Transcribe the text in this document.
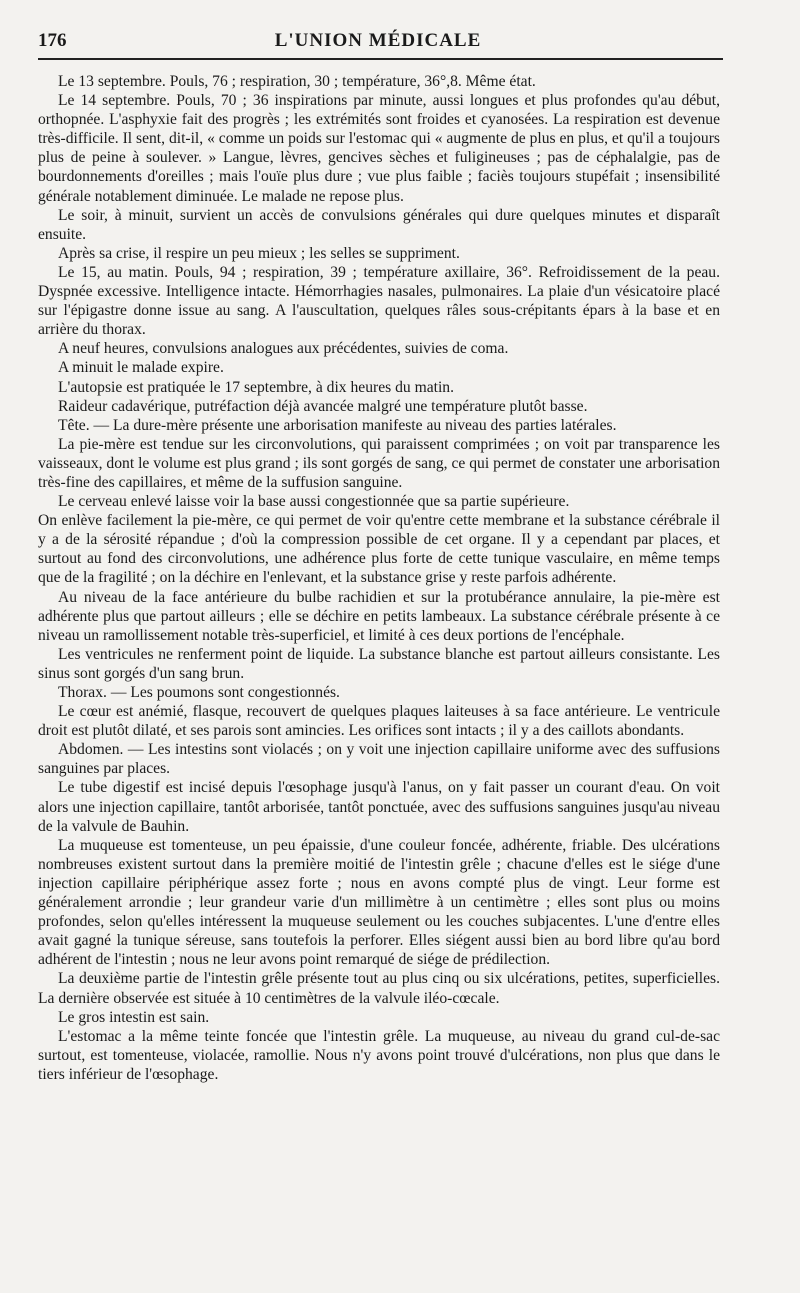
176	L'UNION MÉDICALE

Le 13 septembre. Pouls, 76 ; respiration, 30 ; température, 36°,8. Même état.

Le 14 septembre. Pouls, 70 ; 36 inspirations par minute, aussi longues et plus profondes qu'au début, orthopnée. L'asphyxie fait des progrès ; les extrémités sont froides et cyanosées. La respiration est devenue très-difficile. Il sent, dit-il, « comme un poids sur l'estomac qui « augmente de plus en plus, et qu'il a toujours plus de peine à soulever. » Langue, lèvres, gencives sèches et fuligineuses ; pas de céphalalgie, pas de bourdonnements d'oreilles ; mais l'ouïe plus dure ; vue plus faible ; faciès toujours stupéfait ; insensibilité générale notablement diminuée. Le malade ne repose plus.

Le soir, à minuit, survient un accès de convulsions générales qui dure quelques minutes et disparaît ensuite.

Après sa crise, il respire un peu mieux ; les selles se suppriment.

Le 15, au matin. Pouls, 94 ; respiration, 39 ; température axillaire, 36°. Refroidissement de la peau. Dyspnée excessive. Intelligence intacte. Hémorrhagies nasales, pulmonaires. La plaie d'un vésicatoire placé sur l'épigastre donne issue au sang. A l'auscultation, quelques râles sous-crépitants épars à la base et en arrière du thorax.

A neuf heures, convulsions analogues aux précédentes, suivies de coma.

A minuit le malade expire.

L'autopsie est pratiquée le 17 septembre, à dix heures du matin.

Raideur cadavérique, putréfaction déjà avancée malgré une température plutôt basse.

Tête. — La dure-mère présente une arborisation manifeste au niveau des parties latérales.

La pie-mère est tendue sur les circonvolutions, qui paraissent comprimées ; on voit par transparence les vaisseaux, dont le volume est plus grand ; ils sont gorgés de sang, ce qui permet de constater une arborisation très-fine des capillaires, et même de la suffusion sanguine.

Le cerveau enlevé laisse voir la base aussi congestionnée que sa partie supérieure.

On enlève facilement la pie-mère, ce qui permet de voir qu'entre cette membrane et la substance cérébrale il y a de la sérosité répandue ; d'où la compression possible de cet organe. Il y a cependant par places, et surtout au fond des circonvolutions, une adhérence plus forte de cette tunique vasculaire, en même temps que de la fragilité ; on la déchire en l'enlevant, et la substance grise y reste parfois adhérente.

Au niveau de la face antérieure du bulbe rachidien et sur la protubérance annulaire, la pie-mère est adhérente plus que partout ailleurs ; elle se déchire en petits lambeaux. La substance cérébrale présente à ce niveau un ramollissement notable très-superficiel, et limité à ces deux portions de l'encéphale.

Les ventricules ne renferment point de liquide. La substance blanche est partout ailleurs consistante. Les sinus sont gorgés d'un sang brun.

Thorax. — Les poumons sont congestionnés.

Le cœur est anémié, flasque, recouvert de quelques plaques laiteuses à sa face antérieure. Le ventricule droit est plutôt dilaté, et ses parois sont amincies. Les orifices sont intacts ; il y a des caillots abondants.

Abdomen. — Les intestins sont violacés ; on y voit une injection capillaire uniforme avec des suffusions sanguines par places.

Le tube digestif est incisé depuis l'œsophage jusqu'à l'anus, on y fait passer un courant d'eau. On voit alors une injection capillaire, tantôt arborisée, tantôt ponctuée, avec des suffusions sanguines jusqu'au niveau de la valvule de Bauhin.

La muqueuse est tomenteuse, un peu épaissie, d'une couleur foncée, adhérente, friable. Des ulcérations nombreuses existent surtout dans la première moitié de l'intestin grêle ; chacune d'elles est le siége d'une injection capillaire périphérique assez forte ; nous en avons compté plus de vingt. Leur forme est généralement arrondie ; leur grandeur varie d'un millimètre à un centimètre ; elles sont plus ou moins profondes, selon qu'elles intéressent la muqueuse seulement ou les couches subjacentes. L'une d'entre elles avait gagné la tunique séreuse, sans toutefois la perforer. Elles siégent aussi bien au bord libre qu'au bord adhérent de l'intestin ; nous ne leur avons point remarqué de siége de prédilection.

La deuxième partie de l'intestin grêle présente tout au plus cinq ou six ulcérations, petites, superficielles. La dernière observée est située à 10 centimètres de la valvule iléo-cœcale.

Le gros intestin est sain.

L'estomac a la même teinte foncée que l'intestin grêle. La muqueuse, au niveau du grand cul-de-sac surtout, est tomenteuse, violacée, ramollie. Nous n'y avons point trouvé d'ulcérations, non plus que dans le tiers inférieur de l'œsophage.
